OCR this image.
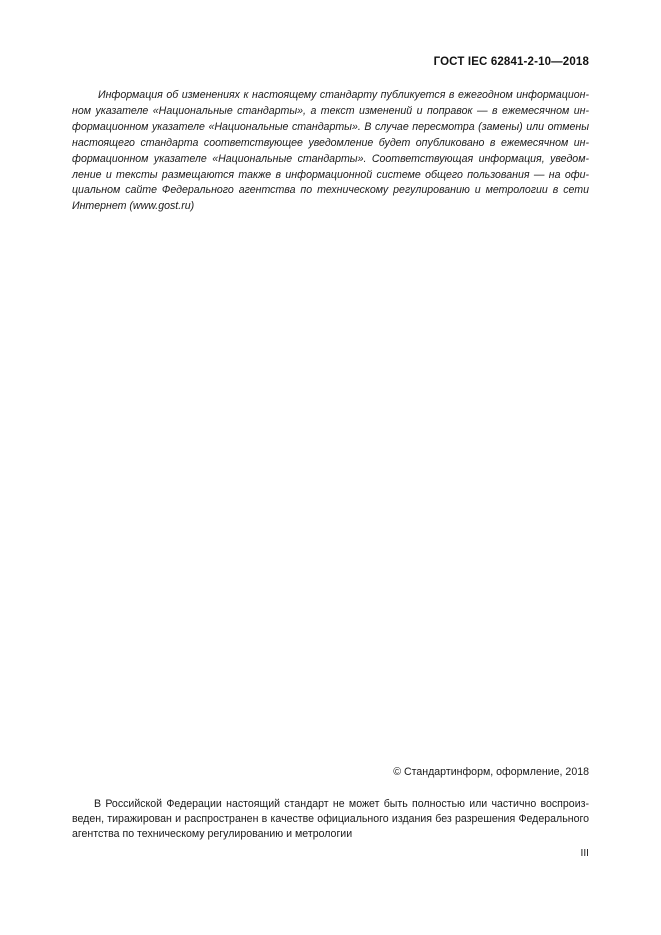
ГОСТ IEC 62841-2-10—2018
Информация об изменениях к настоящему стандарту публикуется в ежегодном информацион-
ном указателе «Национальные стандарты», а текст изменений и поправок — в ежемесячном ин-
формационном указателе «Национальные стандарты». В случае пересмотра (замены) или отмены
настоящего стандарта соответствующее уведомление будет опубликовано в ежемесячном ин-
формационном указателе «Национальные стандарты». Соответствующая информация, уведом-
ление и тексты размещаются также в информационной системе общего пользования — на офи-
циальном сайте Федерального агентства по техническому регулированию и метрологии в сети
Интернет (www.gost.ru)
© Стандартинформ, оформление, 2018
В Российской Федерации настоящий стандарт не может быть полностью или частично воспроиз-
веден, тиражирован и распространен в качестве официального издания без разрешения Федерального
агентства по техническому регулированию и метрологии
III
